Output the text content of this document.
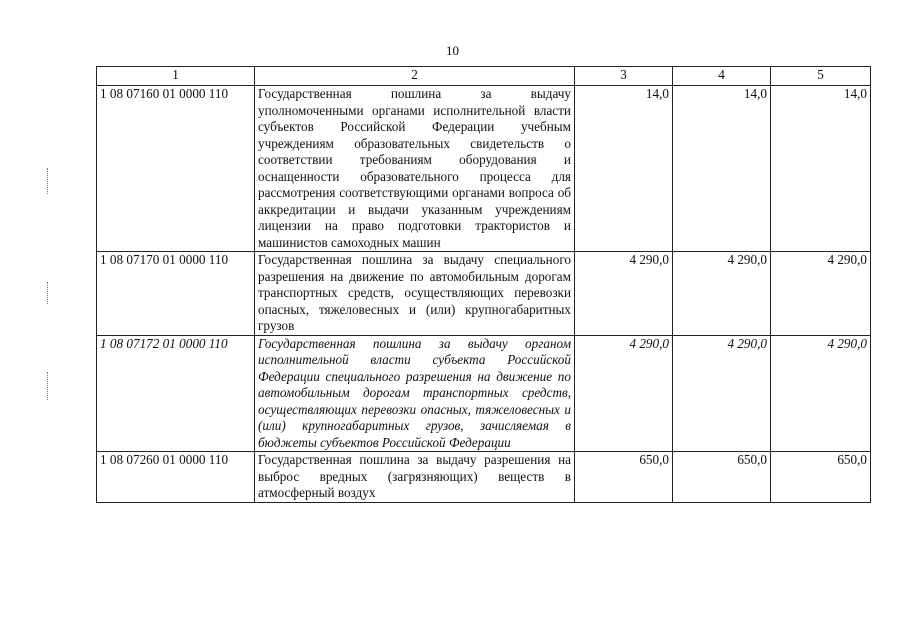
10
1	2	3	4	5
1 08 07160 01 0000 110	Государственная пошлина за выдачу уполномоченными органами исполнительной власти субъектов Российской Федерации учебным учреждениям образовательных свидетельств о соответствии требованиям оборудования и оснащенности образовательного процесса для рассмотрения соответствующими органами вопроса об аккредитации и выдачи указанным учреждениям лицензии на право подготовки трактористов и машинистов самоходных машин	14,0	14,0	14,0
1 08 07170 01 0000 110	Государственная пошлина за выдачу специального разрешения на движение по автомобильным дорогам транспортных средств, осуществляющих перевозки опасных, тяжеловесных и (или) крупногабаритных грузов	4 290,0	4 290,0	4 290,0
1 08 07172 01 0000 110	Государственная пошлина за выдачу органом исполнительной власти субъекта Российской Федерации специального разрешения на движение по автомобильным дорогам транспортных средств, осуществляющих перевозки опасных, тяжеловесных и (или) крупногабаритных грузов, зачисляемая в бюджеты субъектов Российской Федерации	4 290,0	4 290,0	4 290,0
1 08 07260 01 0000 110	Государственная пошлина за выдачу разрешения на выброс вредных (загрязняющих) веществ в атмосферный воздух	650,0	650,0	650,0
